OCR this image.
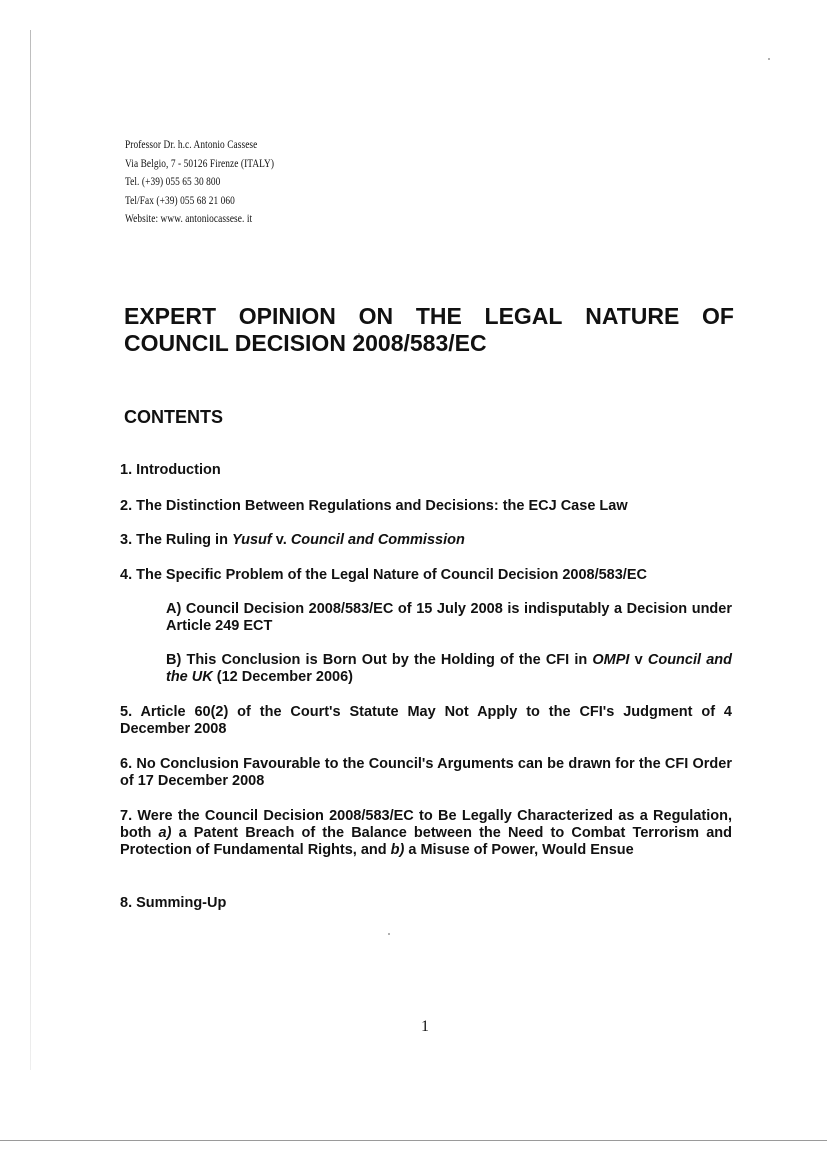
Professor Dr. h.c. Antonio Cassese
Via Belgio, 7 - 50126 Firenze (ITALY)
Tel. (+39) 055 65 30 800
Tel/Fax (+39) 055 68 21 060
Website: www. antoniocassese. it
EXPERT OPINION ON THE LEGAL NATURE OF
COUNCIL DECISION 2008/583/EC
CONTENTS
1. Introduction
2. The Distinction Between Regulations and Decisions: the ECJ Case Law
3. The Ruling in Yusuf v. Council and Commission
4. The Specific Problem of the Legal Nature of Council Decision 2008/583/EC
A) Council Decision 2008/583/EC of 15 July 2008 is indisputably a Decision under Article 249 ECT
B) This Conclusion is Born Out by the Holding of the CFI in OMPI v Council and the UK (12 December 2006)
5. Article 60(2) of the Court's Statute May Not Apply to the CFI's Judgment of 4 December 2008
6. No Conclusion Favourable to the Council's Arguments can be drawn for the CFI Order of 17 December 2008
7. Were the Council Decision 2008/583/EC to Be Legally Characterized as a Regulation, both a) a Patent Breach of the Balance between the Need to Combat Terrorism and Protection of Fundamental Rights, and b) a Misuse of Power, Would Ensue
8. Summing-Up
1
